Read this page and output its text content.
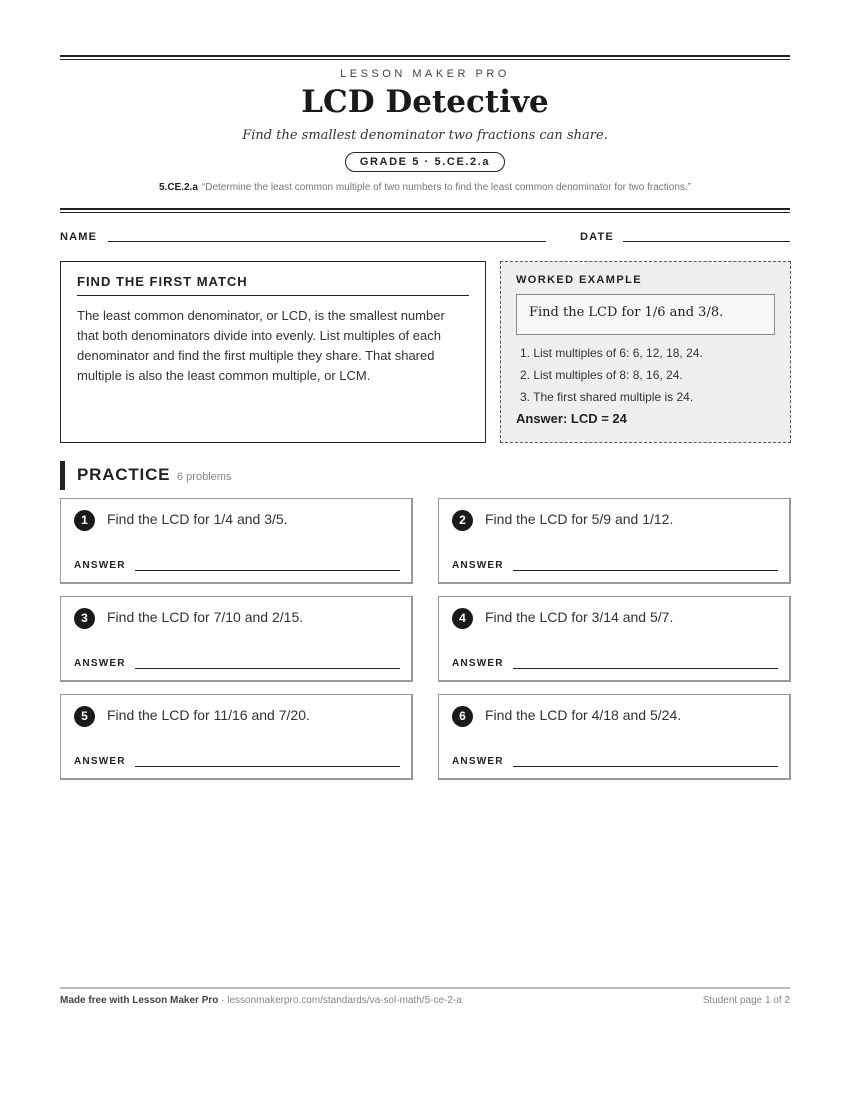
LESSON MAKER PRO
LCD Detective
Find the smallest denominator two fractions can share.
GRADE 5 · 5.CE.2.a
5.CE.2.a “Determine the least common multiple of two numbers to find the least common denominator for two fractions.”
NAME	DATE
FIND THE FIRST MATCH
The least common denominator, or LCD, is the smallest number that both denominators divide into evenly. List multiples of each denominator and find the first multiple they share. That shared multiple is also the least common multiple, or LCM.
WORKED EXAMPLE
Find the LCD for 1/6 and 3/8.
1. List multiples of 6: 6, 12, 18, 24.
2. List multiples of 8: 8, 16, 24.
3. The first shared multiple is 24.
Answer: LCD = 24
PRACTICE 6 problems
1	Find the LCD for 1/4 and 3/5.
ANSWER
2	Find the LCD for 5/9 and 1/12.
ANSWER
3	Find the LCD for 7/10 and 2/15.
ANSWER
4	Find the LCD for 3/14 and 5/7.
ANSWER
5	Find the LCD for 11/16 and 7/20.
ANSWER
6	Find the LCD for 4/18 and 5/24.
ANSWER
Made free with Lesson Maker Pro · lessonmakerpro.com/standards/va-sol-math/5-ce-2-a	Student page 1 of 2
